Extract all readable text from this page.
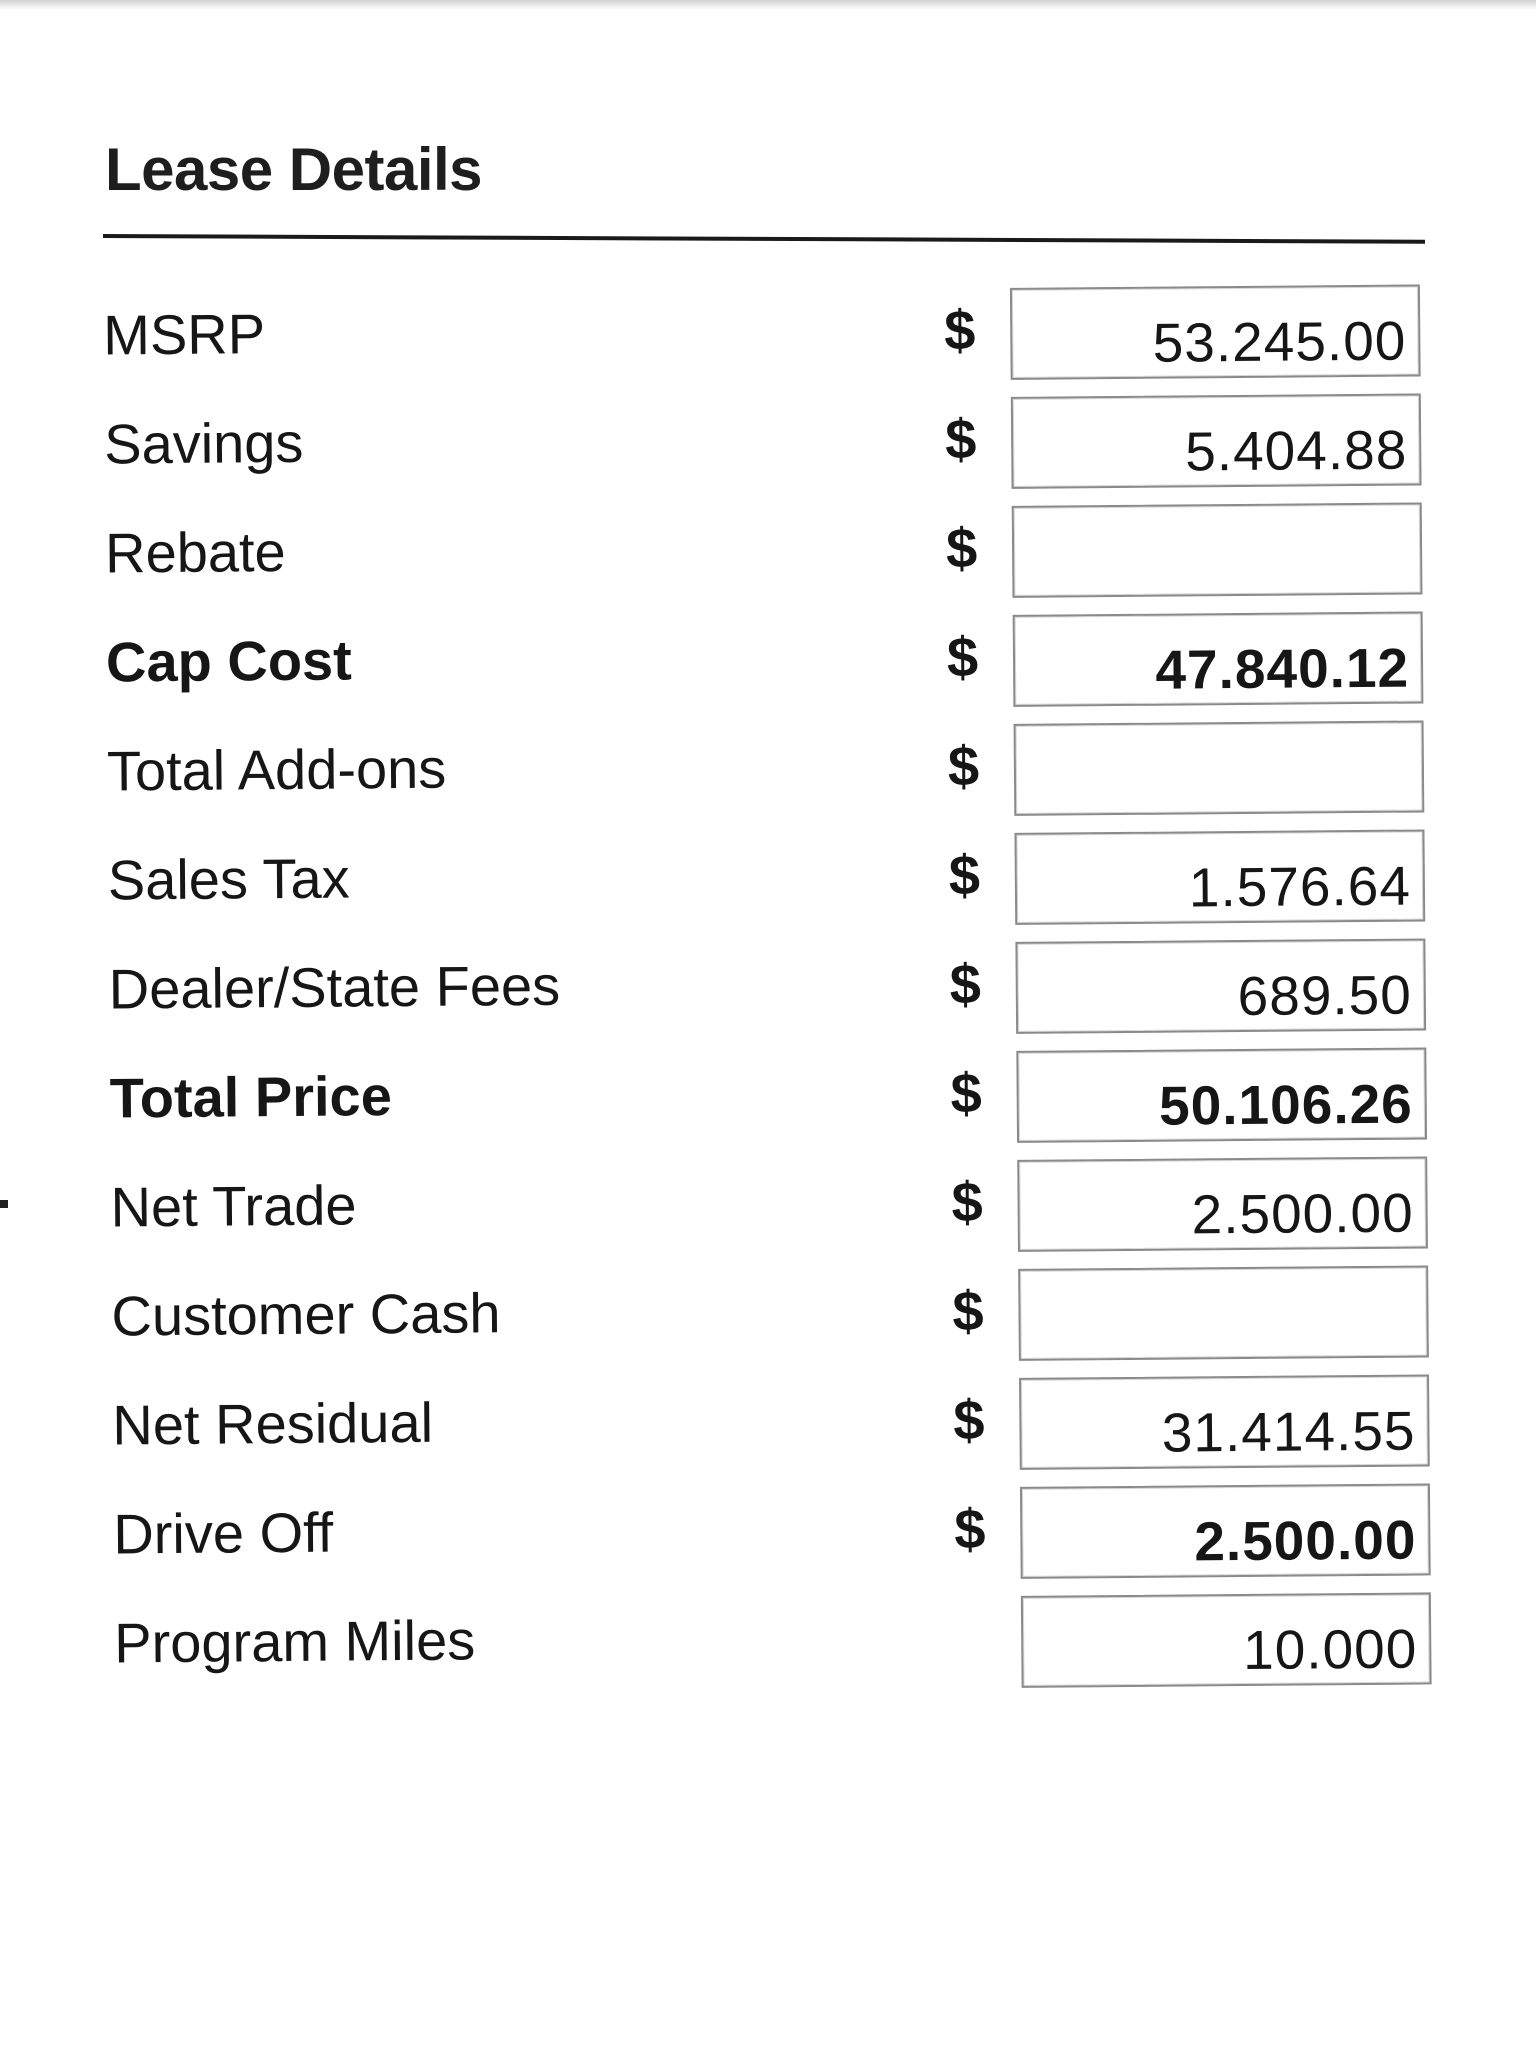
Lease Details
MSRP	$	53.245.00
Savings	$	5.404.88
Rebate	$
Cap Cost	$	47.840.12
Total Add-ons	$
Sales Tax	$	1.576.64
Dealer/State Fees	$	689.50
Total Price	$	50.106.26
Net Trade	$	2.500.00
Customer Cash	$
Net Residual	$	31.414.55
Drive Off	$	2.500.00
Program Miles	10.000
